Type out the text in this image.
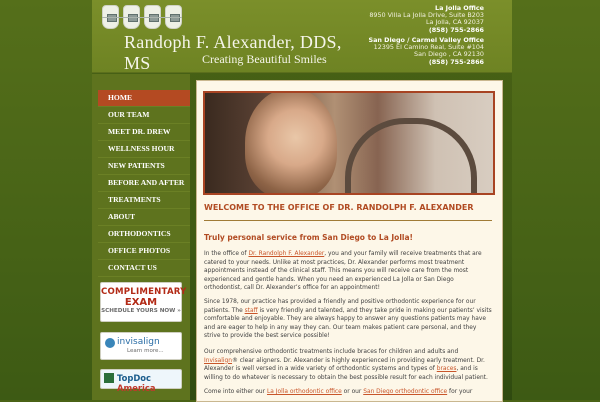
Randoph F. Alexander, DDS, MS	Creating Beautiful Smiles
La Jolla Office
8950 Villa La Jolla Drive, Suite B203
La Jolla, CA 92037
(858) 755-2866
San Diego / Carmel Valley Office
12395 El Camino Real, Suite #104
San Diego , CA 92130
(858) 755-2866
HOME
OUR TEAM
MEET DR. DREW
WELLNESS HOUR
NEW PATIENTS
BEFORE AND AFTER
TREATMENTS
ABOUT
ORTHODONTICS
OFFICE PHOTOS
CONTACT US
COMPLIMENTARY
EXAM
SCHEDULE YOURS NOW »
invisalign
Learn more...
TopDoc America
WELCOME TO THE OFFICE OF DR. RANDOLPH F. ALEXANDER
Truly personal service from San Diego to La Jolla!
In the office of Dr. Randolph F. Alexander, you and your family will receive treatments that are catered to your needs. Unlike at most practices, Dr. Alexander performs most treatment appointments instead of the clinical staff. This means you will receive care from the most experienced and gentle hands. When you need an experienced La Jolla or San Diego orthodontist, call Dr. Alexander’s office for an appointment!
Since 1978, our practice has provided a friendly and positive orthodontic experience for our patients. The staff is very friendly and talented, and they take pride in making our patients’ visits comfortable and enjoyable. They are always happy to answer any questions patients may have and are eager to help in any way they can. Our team makes patient care personal, and they strive to provide the best service possible!
Our comprehensive orthodontic treatments include braces for children and adults and Invisalign® clear aligners. Dr. Alexander is highly experienced in providing early treatment. Dr. Alexander is well versed in a wide variety of orthodontic systems and types of braces, and is willing to do whatever is necessary to obtain the best possible result for each individual patient.
Come into either our La Jolla orthodontic office or our San Diego orthodontic office for your
